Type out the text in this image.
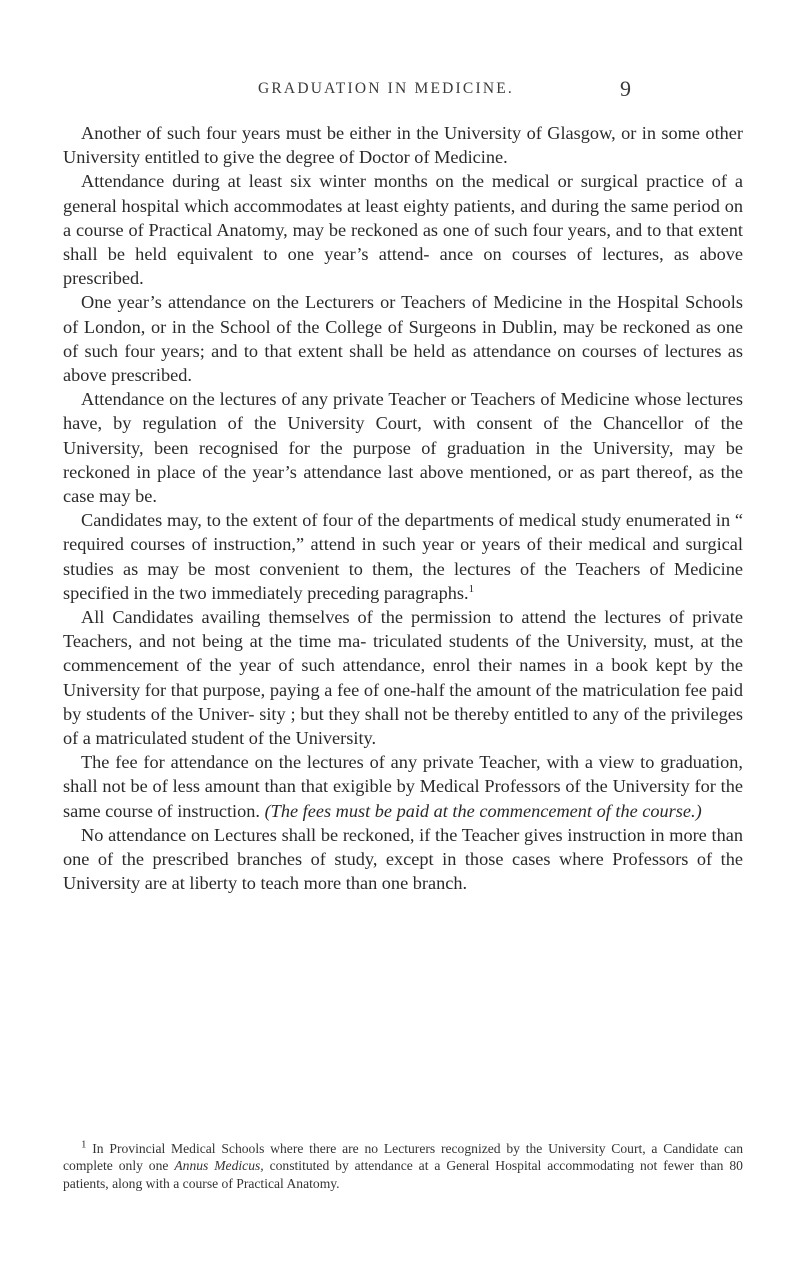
GRADUATION IN MEDICINE.	9

Another of such four years must be either in the University of Glasgow, or in some other University entitled to give the degree of Doctor of Medicine.

Attendance during at least six winter months on the medical or surgical practice of a general hospital which accommodates at least eighty patients, and during the same period on a course of Practical Anatomy, may be reckoned as one of such four years, and to that extent shall be held equivalent to one year’s attend- ance on courses of lectures, as above prescribed.

One year’s attendance on the Lecturers or Teachers of Medicine in the Hospital Schools of London, or in the School of the College of Surgeons in Dublin, may be reckoned as one of such four years; and to that extent shall be held as attendance on courses of lectures as above prescribed.

Attendance on the lectures of any private Teacher or Teachers of Medicine whose lectures have, by regulation of the University Court, with consent of the Chancellor of the University, been recognised for the purpose of graduation in the University, may be reckoned in place of the year’s attendance last above mentioned, or as part thereof, as the case may be.

Candidates may, to the extent of four of the departments of medical study enumerated in “ required courses of instruction,” attend in such year or years of their medical and surgical studies as may be most convenient to them, the lectures of the Teachers of Medicine specified in the two immediately preceding paragraphs.$^1$

All Candidates availing themselves of the permission to attend the lectures of private Teachers, and not being at the time ma- triculated students of the University, must, at the commencement of the year of such attendance, enrol their names in a book kept by the University for that purpose, paying a fee of one-half the amount of the matriculation fee paid by students of the Univer- sity ; but they shall not be thereby entitled to any of the privileges of a matriculated student of the University.

The fee for attendance on the lectures of any private Teacher, with a view to graduation, shall not be of less amount than that exigible by Medical Professors of the University for the same course of instruction. (The fees must be paid at the commencement of the course.)

No attendance on Lectures shall be reckoned, if the Teacher gives instruction in more than one of the prescribed branches of study, except in those cases where Professors of the University are at liberty to teach more than one branch.

$^1$ In Provincial Medical Schools where there are no Lecturers recognized by the University Court, a Candidate can complete only one Annus Medicus, constituted by attendance at a General Hospital accommodating not fewer than 80 patients, along with a course of Practical Anatomy.
